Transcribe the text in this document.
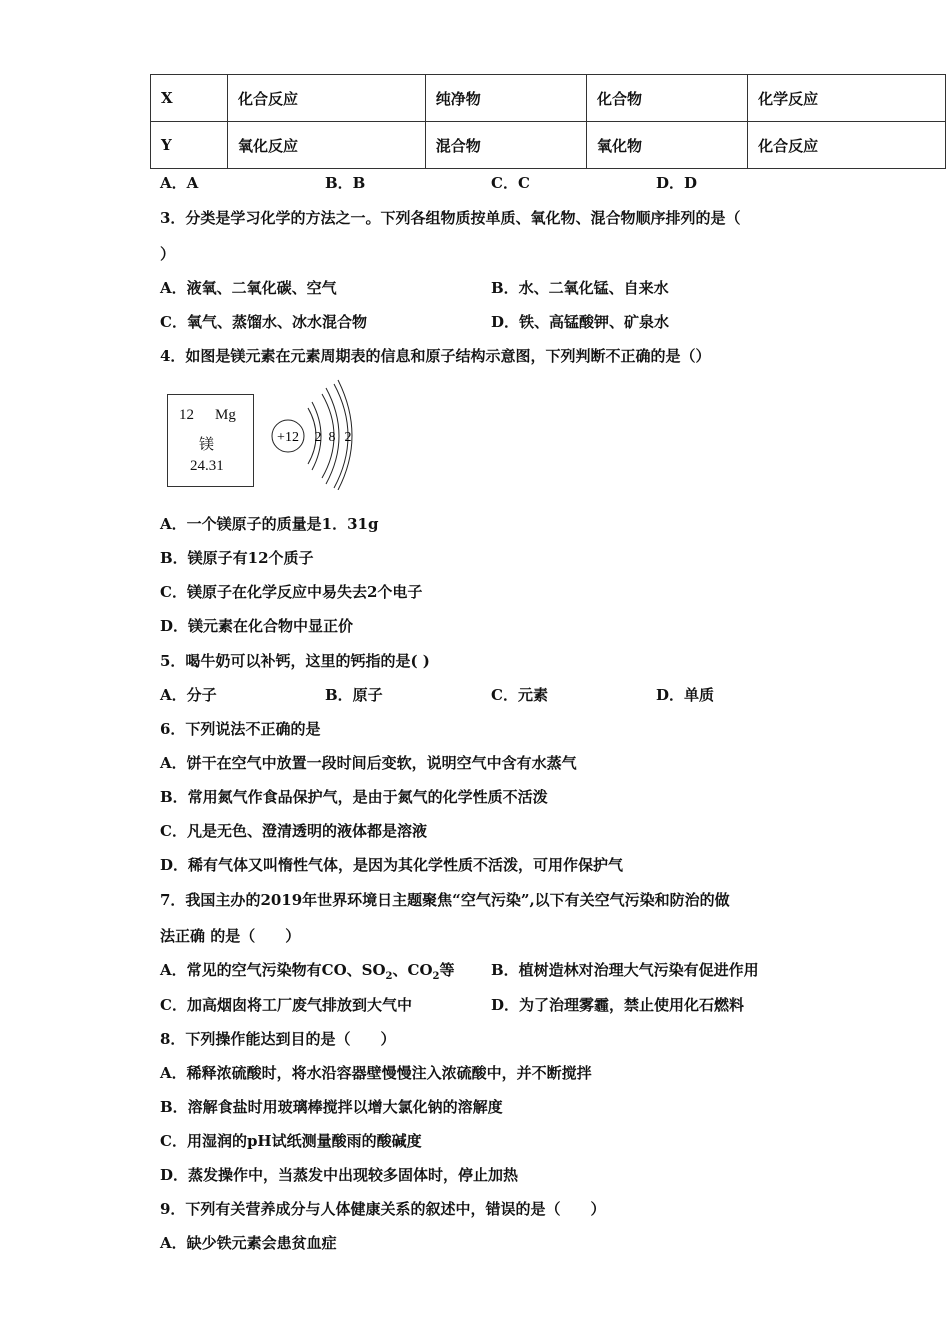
X	化合反应	纯净物	化合物	化学反应
Y	氧化反应	混合物	氧化物	化合反应
A．A	B．B	C．C	D．D
3．分类是学习化学的方法之一。下列各组物质按单质、氧化物、混合物顺序排列的是（
）
A．液氧、二氧化碳、空气	B．水、二氧化锰、自来水
C．氧气、蒸馏水、冰水混合物	D．铁、高锰酸钾、矿泉水
4．如图是镁元素在元素周期表的信息和原子结构示意图，下列判断不正确的是（）
12 Mg
镁
24.31
+12 2 8 2
A．一个镁原子的质量是1．31g
B．镁原子有12个质子
C．镁原子在化学反应中易失去2个电子
D．镁元素在化合物中显正价
5．喝牛奶可以补钙，这里的钙指的是( )
A．分子	B．原子	C．元素	D．单质
6．下列说法不正确的是
A．饼干在空气中放置一段时间后变软，说明空气中含有水蒸气
B．常用氮气作食品保护气，是由于氮气的化学性质不活泼
C．凡是无色、澄清透明的液体都是溶液
D．稀有气体又叫惰性气体，是因为其化学性质不活泼，可用作保护气
7．我国主办的2019年世界环境日主题聚焦“空气污染”,以下有关空气污染和防治的做
法正确 的是（　　）
A．常见的空气污染物有CO、$SO_2$、$CO_2$等 B．植树造林对治理大气污染有促进作用
C．加高烟囱将工厂废气排放到大气中	D．为了治理雾霾，禁止使用化石燃料
8．下列操作能达到目的是（　　）
A．稀释浓硫酸时，将水沿容器壁慢慢注入浓硫酸中，并不断搅拌
B．溶解食盐时用玻璃棒搅拌以增大氯化钠的溶解度
C．用湿润的pH试纸测量酸雨的酸碱度
D．蒸发操作中，当蒸发中出现较多固体时，停止加热
9．下列有关营养成分与人体健康关系的叙述中，错误的是（　　）
A．缺少铁元素会患贫血症
